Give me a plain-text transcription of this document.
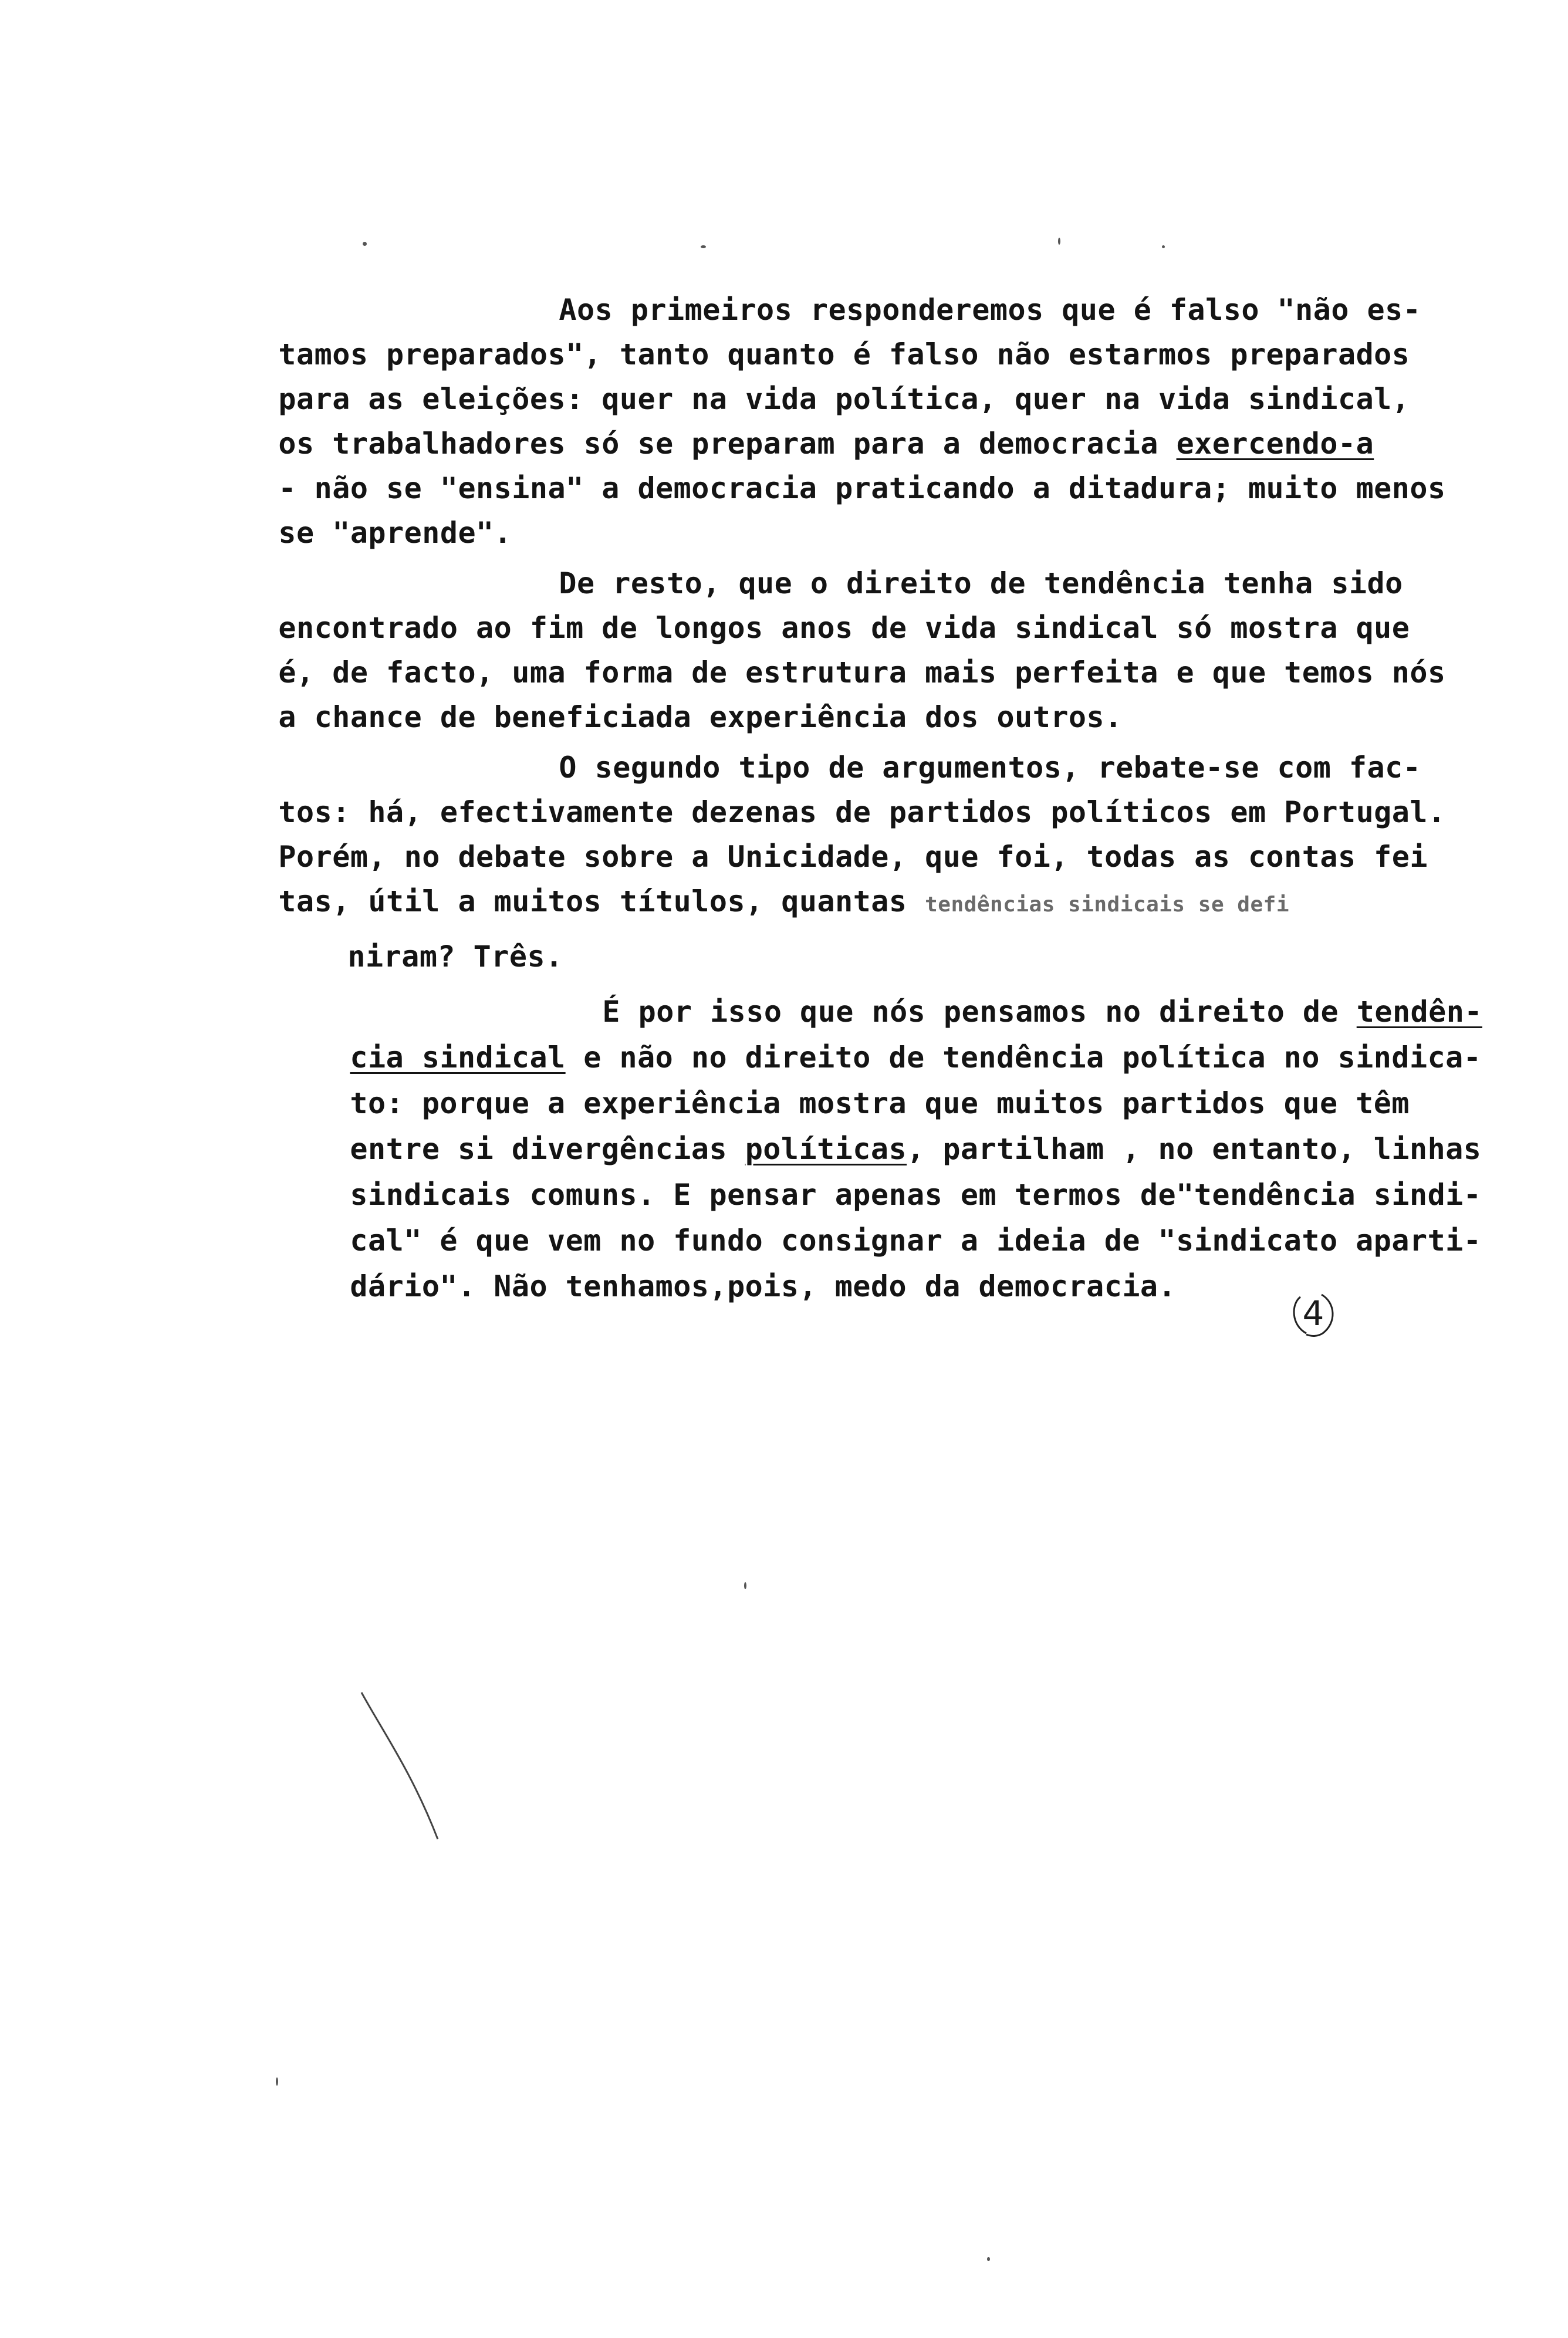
Aos primeiros responderemos que é falso "não es-

tamos preparados", tanto quanto é falso não estarmos preparados

para as eleições: quer na vida política, quer na vida sindical,

os trabalhadores só se preparam para a democracia exercendo-a

- não se "ensina" a democracia praticando a ditadura; muito menos

se "aprende".

De resto, que o direito de tendência tenha sido

encontrado ao fim de longos anos de vida sindical só mostra que

é, de facto, uma forma de estrutura mais perfeita e que temos nós

a chance de beneficiada experiência dos outros.

O segundo tipo de argumentos, rebate-se com fac-

tos: há, efectivamente dezenas de partidos políticos em Portugal.

Porém, no debate sobre a Unicidade, que foi, todas as contas fei

tas, útil a muitos títulos, quantas tendências sindicais se defi

niram? Três.

É por isso que nós pensamos no direito de tendên-

cia sindical e não no direito de tendência política no sindica-

to: porque a experiência mostra que muitos partidos que têm

entre si divergências políticas, partilham , no entanto, linhas

sindicais comuns. E pensar apenas em termos de"tendência sindi-

cal" é que vem no fundo consignar a ideia de "sindicato aparti-

dário". Não tenhamos,pois, medo da democracia.

4
